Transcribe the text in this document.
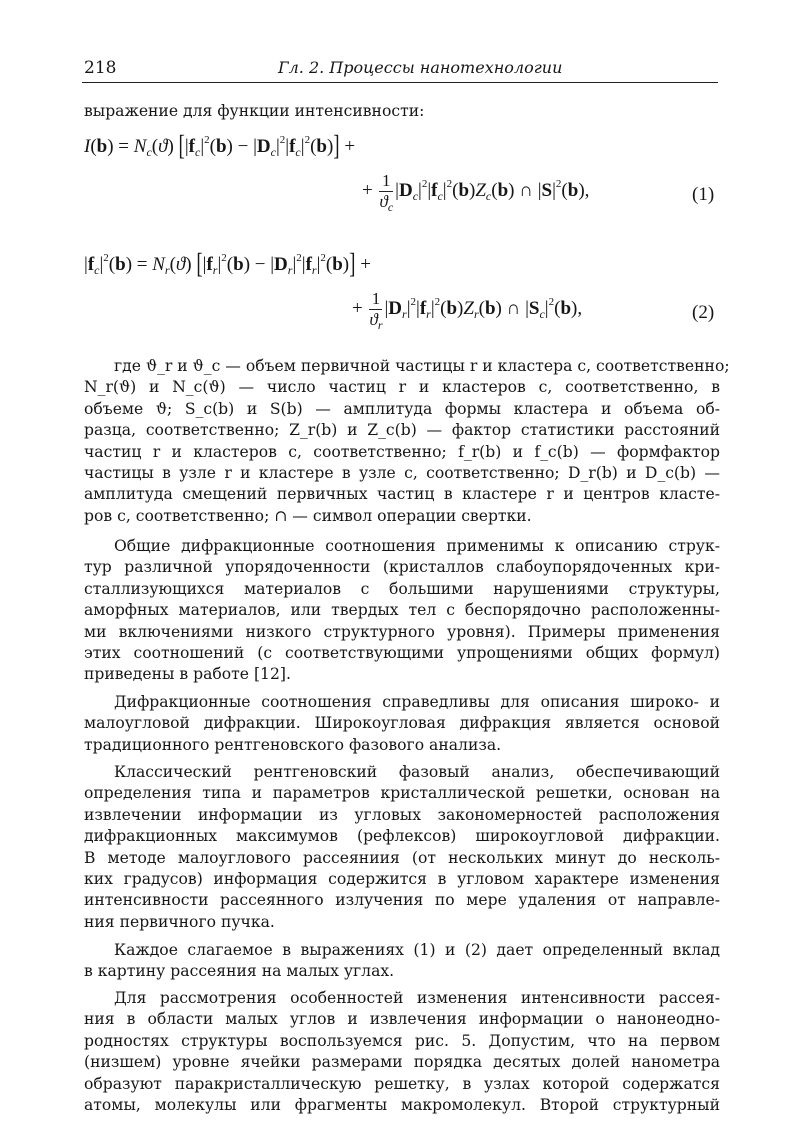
218	Гл. 2. Процессы нанотехнологии
выражение для функции интенсивности:
$I(b) = N_c(ϑ) [|f_c|^2(b) - |D_c|^2|f_c|^2(b)]$ +
+ $\frac{1}{ϑ_c} |D_c|^2|f_c|^2(b)Z_c(b)$ ∩ $|S|^2(b)$,	(1)
$|f_c|^2(b) = N_r(ϑ) [|f_r|^2(b) - |D_r|^2|f_r|^2(b)]$ +
+ $\frac{1}{ϑ_r} |D_r|^2|f_r|^2(b)Z_r(b)$ ∩ $|S_c|^2(b)$,	(2)
где ϑ_r и ϑ_c — объем первичной частицы r и кластера c, соответственно;
N_r(ϑ) и N_c(ϑ) — число частиц r и кластеров c, соответственно, в
объеме ϑ; S_c(b) и S(b) — амплитуда формы кластера и объема об-
разца, соответственно; Z_r(b) и Z_c(b) — фактор статистики расстояний
частиц r и кластеров c, соответственно; f_r(b) и f_c(b) — формфактор
частицы в узле r и кластере в узле c, соответственно; D_r(b) и D_c(b) —
амплитуда смещений первичных частиц в кластере r и центров класте-
ров c, соответственно; ∩ — символ операции свертки.
Общие дифракционные соотношения применимы к описанию струк-
тур различной упорядоченности (кристаллов слабоупорядоченных кри-
сталлизующихся материалов с большими нарушениями структуры,
аморфных материалов, или твердых тел с беспорядочно расположенны-
ми включениями низкого структурного уровня). Примеры применения
этих соотношений (с соответствующими упрощениями общих формул)
приведены в работе [12].
Дифракционные соотношения справедливы для описания широко- и
малоугловой дифракции. Широкоугловая дифракция является основой
традиционного рентгеновского фазового анализа.
Классический рентгеновский фазовый анализ, обеспечивающий
определения типа и параметров кристаллической решетки, основан на
извлечении информации из угловых закономерностей расположения
дифракционных максимумов (рефлексов) широкоугловой дифракции.
В методе малоуглового рассеяниия (от нескольких минут до несколь-
ких градусов) информация содержится в угловом характере изменения
интенсивности рассеянного излучения по мере удаления от направле-
ния первичного пучка.
Каждое слагаемое в выражениях (1) и (2) дает определенный вклад
в картину рассеяния на малых углах.
Для рассмотрения особенностей изменения интенсивности рассея-
ния в области малых углов и извлечения информации о нанонеодно-
родностях структуры воспользуемся рис. 5. Допустим, что на первом
(низшем) уровне ячейки размерами порядка десятых долей нанометра
образуют паракристаллическую решетку, в узлах которой содержатся
атомы, молекулы или фрагменты макромолекул. Второй структурный
